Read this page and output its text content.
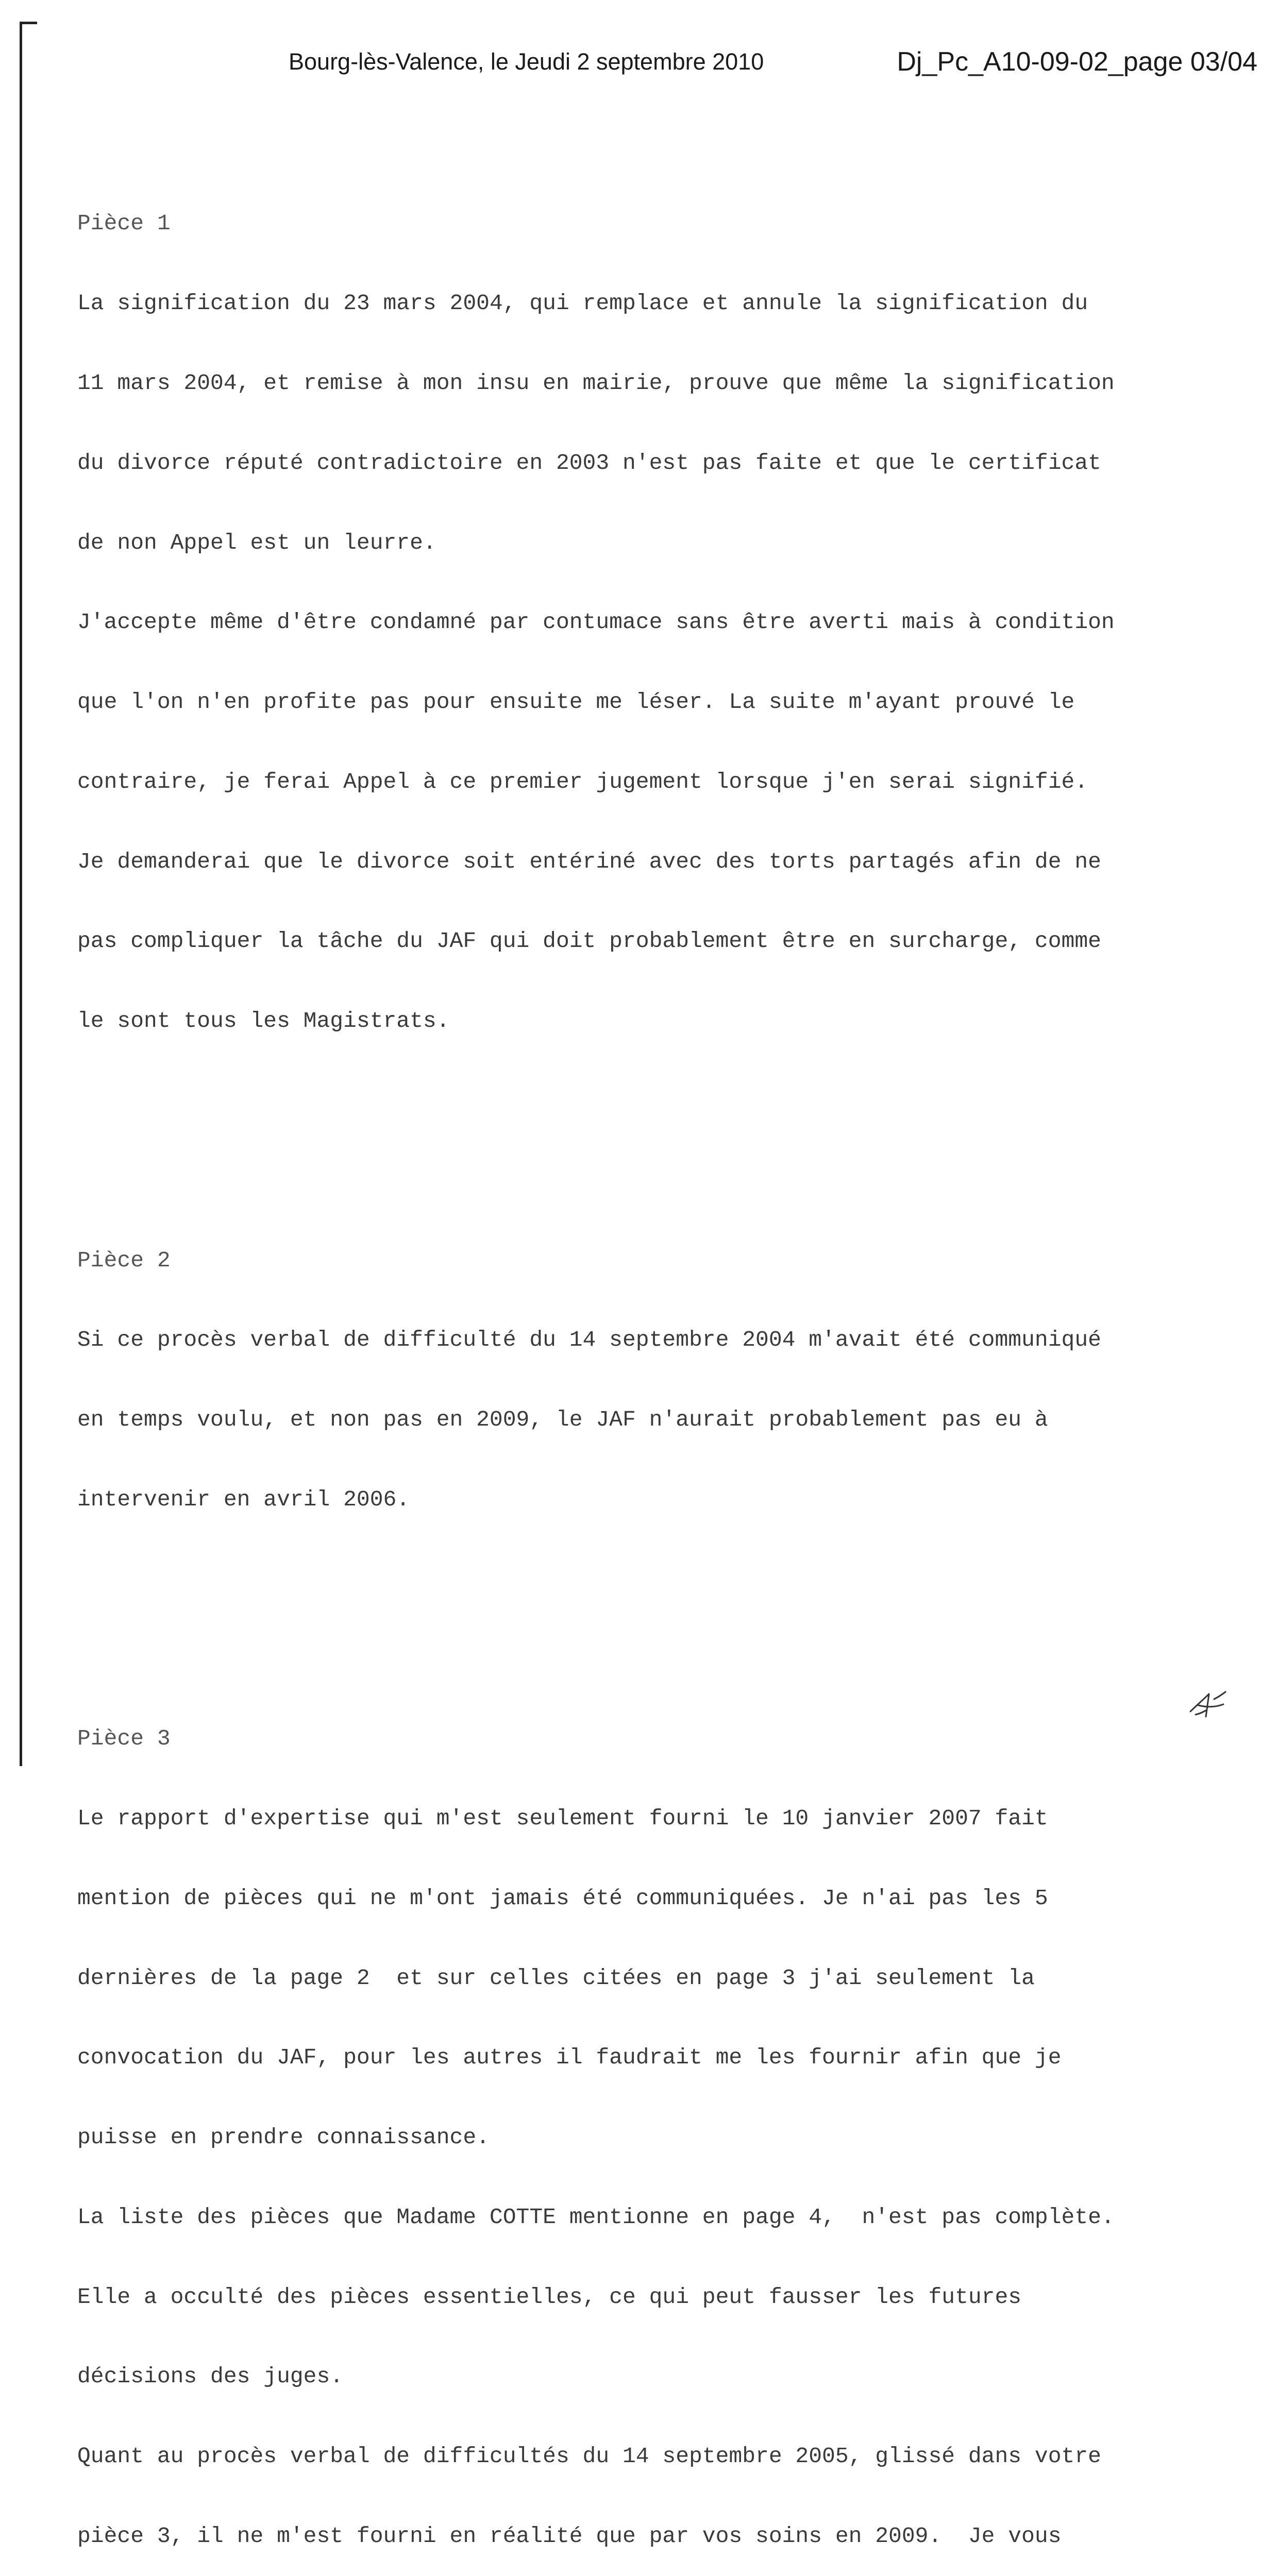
Bourg-lès-Valence, le Jeudi 2 septembre 2010	Dj_Pc_A10-09-02_page 03/04

Pièce 1

La signification du 23 mars 2004, qui remplace et annule la signification du

11 mars 2004, et remise à mon insu en mairie, prouve que même la signification

du divorce réputé contradictoire en 2003 n'est pas faite et que le certificat

de non Appel est un leurre.

J'accepte même d'être condamné par contumace sans être averti mais à condition

que l'on n'en profite pas pour ensuite me léser. La suite m'ayant prouvé le

contraire, je ferai Appel à ce premier jugement lorsque j'en serai signifié.

Je demanderai que le divorce soit entériné avec des torts partagés afin de ne

pas compliquer la tâche du JAF qui doit probablement être en surcharge, comme

le sont tous les Magistrats.

Pièce 2

Si ce procès verbal de difficulté du 14 septembre 2004 m'avait été communiqué

en temps voulu, et non pas en 2009, le JAF n'aurait probablement pas eu à

intervenir en avril 2006.

Pièce 3

Le rapport d'expertise qui m'est seulement fourni le 10 janvier 2007 fait

mention de pièces qui ne m'ont jamais été communiquées. Je n'ai pas les 5

dernières de la page 2  et sur celles citées en page 3 j'ai seulement la

convocation du JAF, pour les autres il faudrait me les fournir afin que je

puisse en prendre connaissance.

La liste des pièces que Madame COTTE mentionne en page 4,  n'est pas complète.

Elle a occulté des pièces essentielles, ce qui peut fausser les futures

décisions des juges.

Quant au procès verbal de difficultés du 14 septembre 2005, glissé dans votre

pièce 3, il ne m'est fourni en réalité que par vos soins en 2009.  Je vous
